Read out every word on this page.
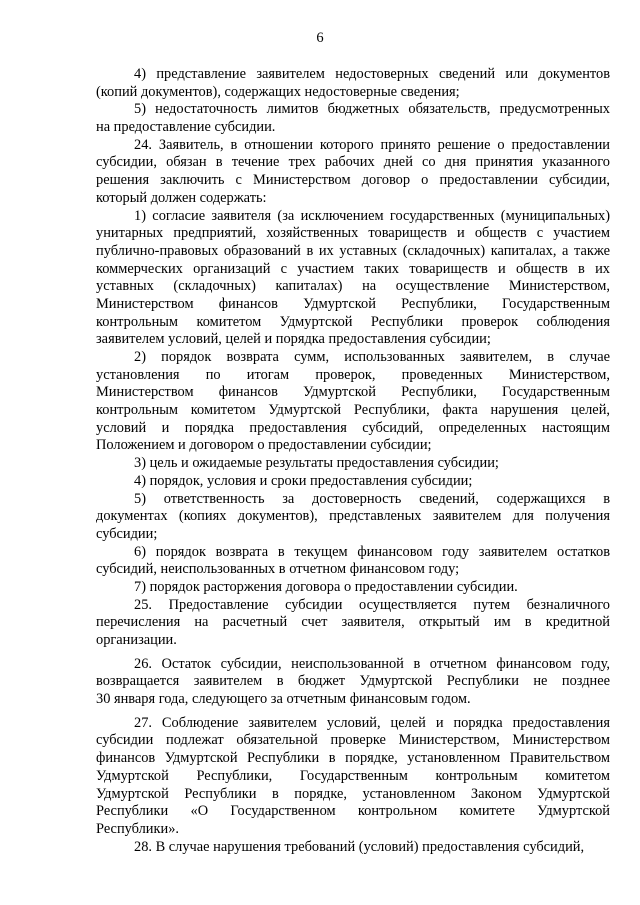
6
4) представление заявителем недостоверных сведений или документов
(копий документов), содержащих недостоверные сведения;
5) недостаточность лимитов бюджетных обязательств, предусмотренных
на предоставление субсидии.
24. Заявитель, в отношении которого принято решение о предоставлении
субсидии, обязан в течение трех рабочих дней со дня принятия указанного
решения заключить с Министерством договор о предоставлении субсидии,
который должен содержать:
1) согласие заявителя (за исключением государственных (муниципальных)
унитарных предприятий, хозяйственных товариществ и обществ с участием
публично-правовых образований в их уставных (складочных) капиталах, а также
коммерческих организаций с участием таких товариществ и обществ в их
уставных (складочных) капиталах) на осуществление Министерством,
Министерством финансов Удмуртской Республики, Государственным
контрольным комитетом Удмуртской Республики проверок соблюдения
заявителем условий, целей и порядка предоставления субсидии;
2) порядок возврата сумм, использованных заявителем, в случае
установления по итогам проверок, проведенных Министерством,
Министерством финансов Удмуртской Республики, Государственным
контрольным комитетом Удмуртской Республики, факта нарушения целей,
условий и порядка предоставления субсидий, определенных настоящим
Положением и договором о предоставлении субсидии;
3) цель и ожидаемые результаты предоставления субсидии;
4) порядок, условия и сроки предоставления субсидии;
5) ответственность за достоверность сведений, содержащихся в
документах (копиях документов), представленых заявителем для получения
субсидии;
6) порядок возврата в текущем финансовом году заявителем остатков
субсидий, неиспользованных в отчетном финансовом году;
7) порядок расторжения договора о предоставлении субсидии.
25. Предоставление субсидии осуществляется путем безналичного
перечисления на расчетный счет заявителя, открытый им в кредитной
организации.
26. Остаток субсидии, неиспользованной в отчетном финансовом году,
возвращается заявителем в бюджет Удмуртской Республики не позднее
30 января года, следующего за отчетным финансовым годом.
27. Соблюдение заявителем условий, целей и порядка предоставления
субсидии подлежат обязательной проверке Министерством, Министерством
финансов Удмуртской Республики в порядке, установленном Правительством
Удмуртской Республики, Государственным контрольным комитетом
Удмуртской Республики в порядке, установленном Законом Удмуртской
Республики «О Государственном контрольном комитете Удмуртской
Республики».
28. В случае нарушения требований (условий) предоставления субсидий,
